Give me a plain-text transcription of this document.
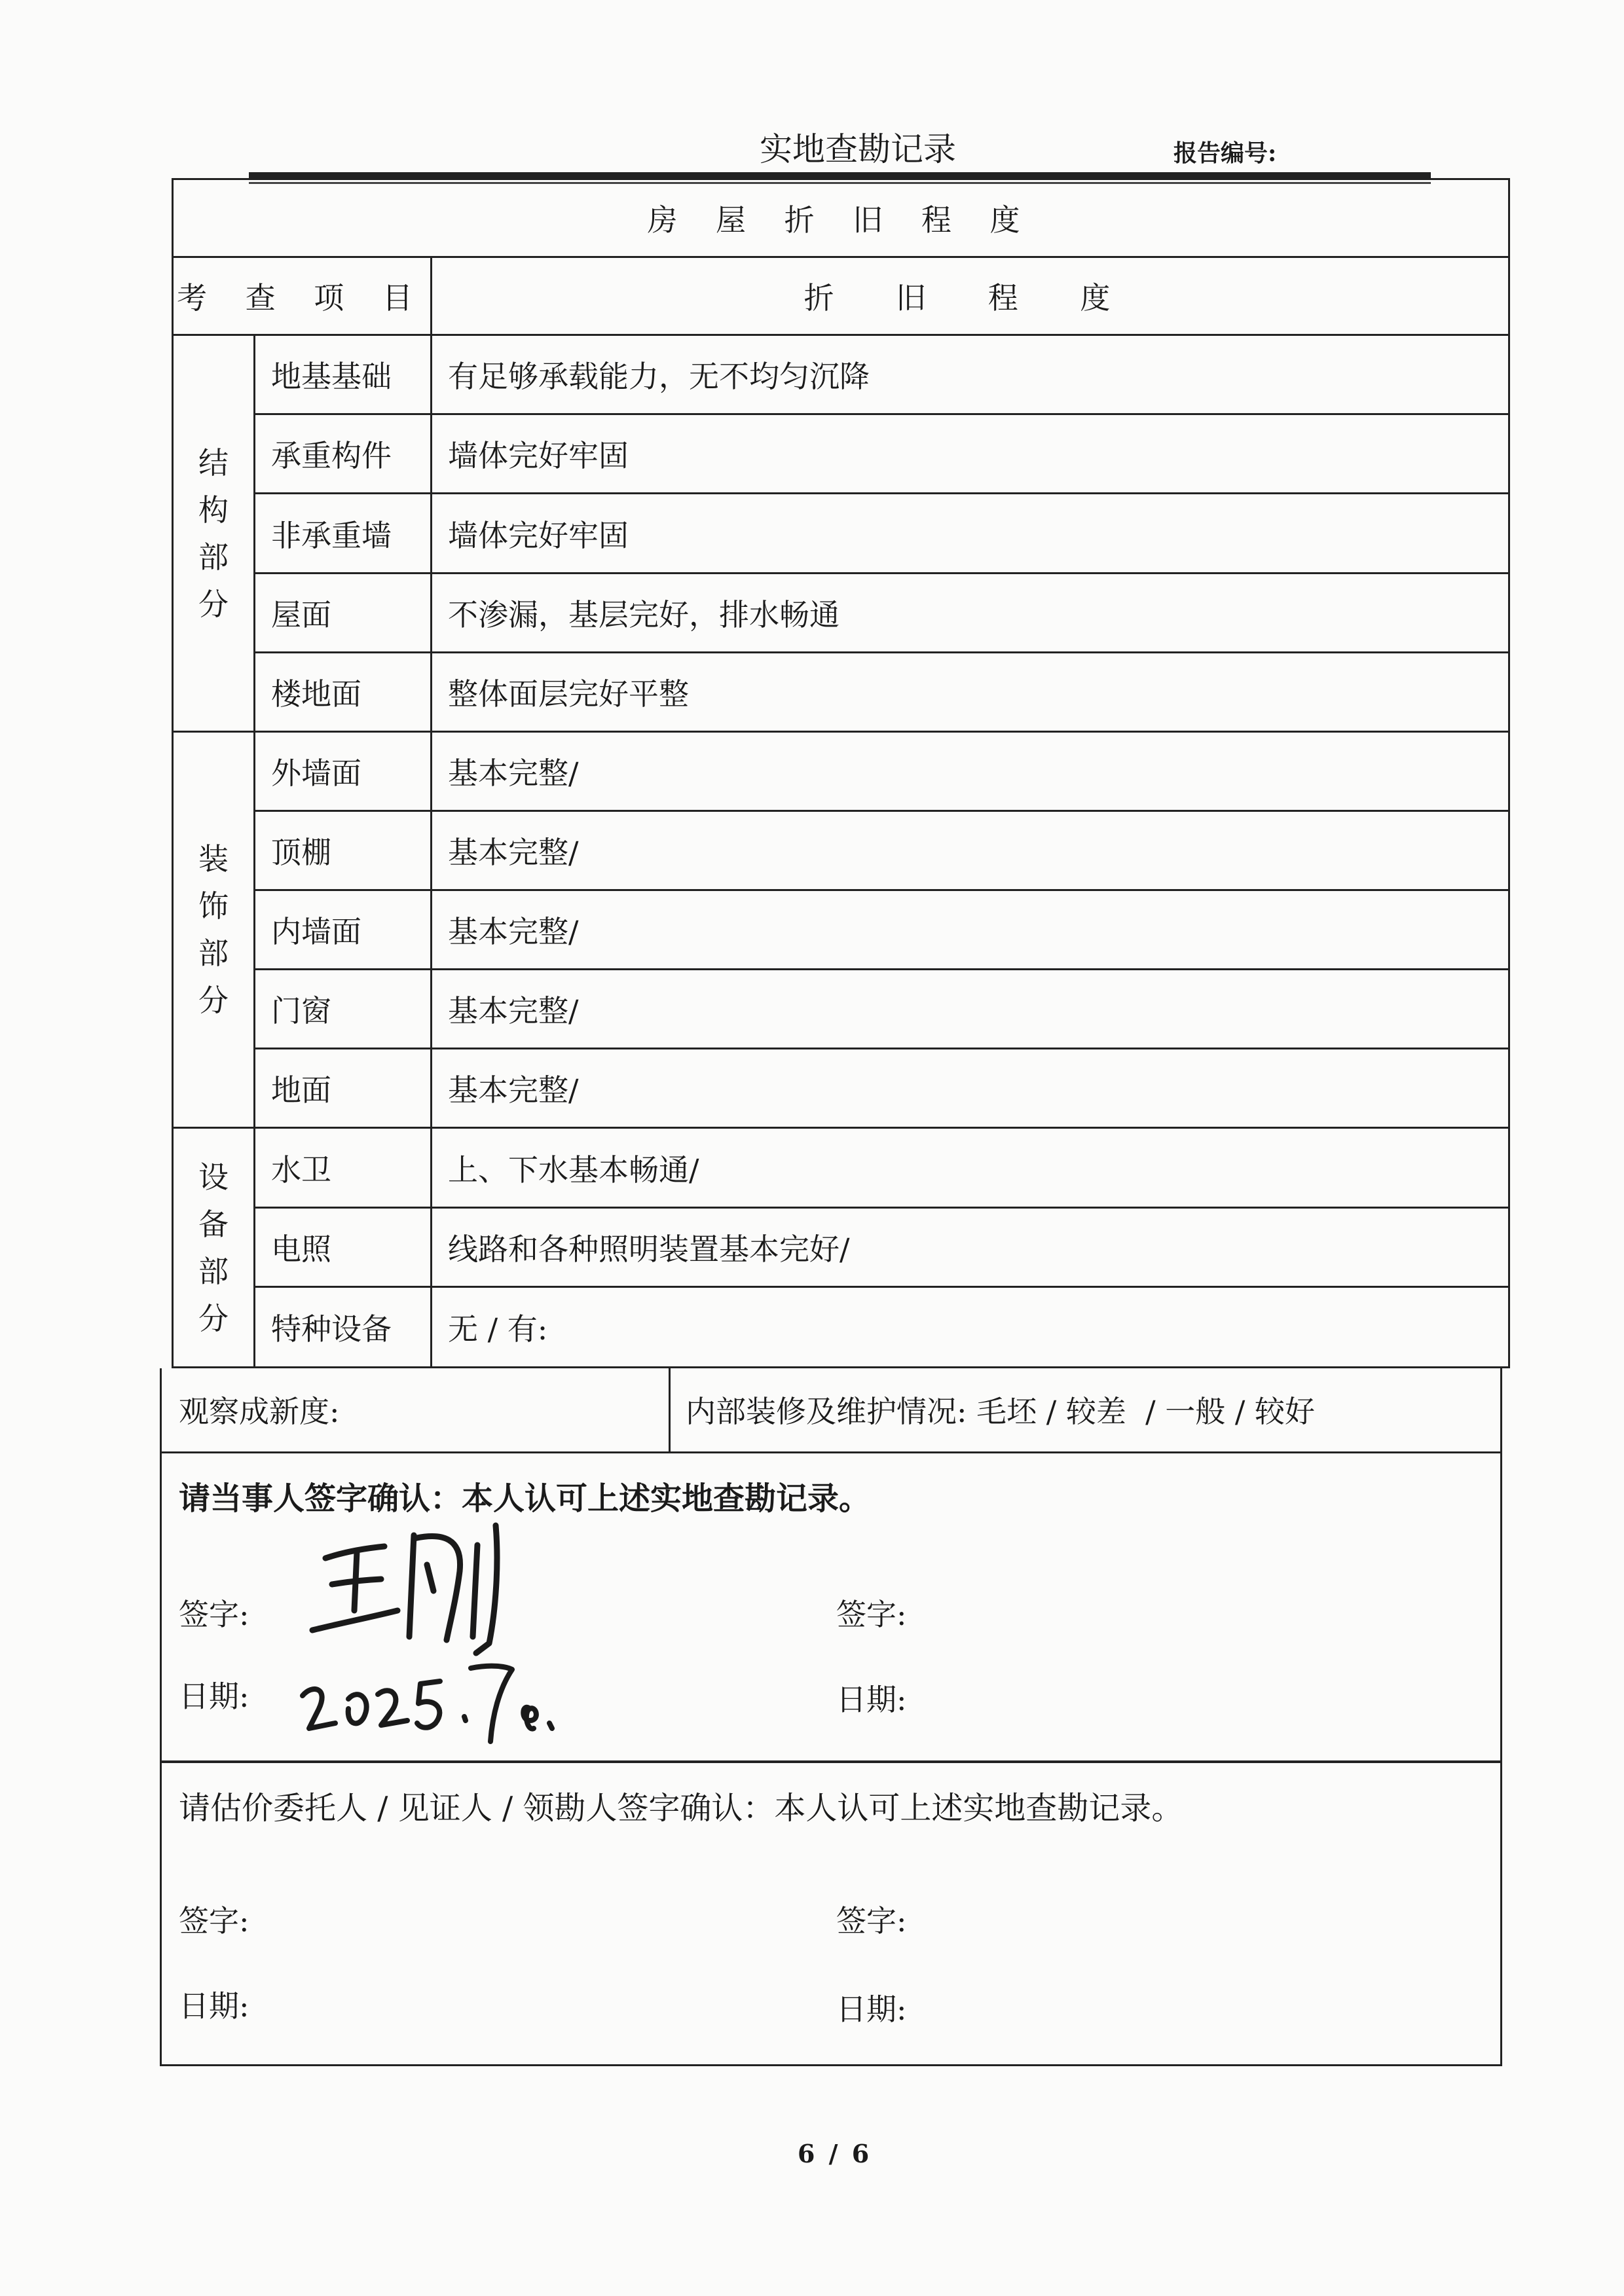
实地查勘记录	报告编号:
房 屋 折 旧 程 度		
考 查 项 目		折 旧 程 度

结
构
部
分	地基基础	有足够承载能力，无不均匀沉降
	承重构件	墙体完好牢固
	非承重墙	墙体完好牢固
	屋面	不渗漏，基层完好，排水畅通
	楼地面	整体面层完好平整

装
饰
部
分	外墙面	基本完整/
	顶棚	基本完整/
	内墙面	基本完整/
	门窗	基本完整/
	地面	基本完整/

设
备
部
分	水卫	上、下水基本畅通/
	电照	线路和各种照明装置基本完好/
	特种设备	无 / 有:
观察成新度:	内部装修及维护情况: 毛坯 / 较差  / 一般 / 较好
请当事人签字确认：本人认可上述实地查勘记录。
签字:	签字:
日期:	日期:
请估价委托人 / 见证人 / 领勘人签字确认：本人认可上述实地查勘记录。
签字:	签字:
日期:	日期:
6 / 6
